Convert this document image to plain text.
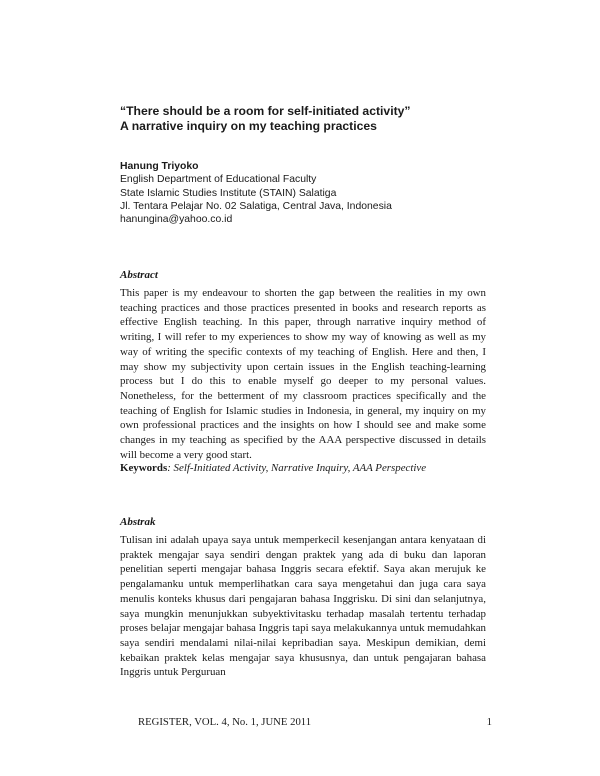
“There should be a room for self-initiated activity”
A narrative inquiry on my teaching practices
Hanung Triyoko
English Department of Educational Faculty
State Islamic Studies Institute (STAIN) Salatiga
Jl. Tentara Pelajar No. 02 Salatiga, Central Java, Indonesia
hanungina@yahoo.co.id
Abstract
This paper is my endeavour to shorten the gap between the realities in my own teaching practices and those practices presented in books and research reports as effective English teaching. In this paper, through narrative inquiry method of writing, I will refer to my experiences to show my way of knowing as well as my way of writing the specific contexts of my teaching of English. Here and then, I may show my subjectivity upon certain issues in the English teaching-learning process but I do this to enable myself go deeper to my personal values. Nonetheless, for the betterment of my classroom practices specifically and the teaching of English for Islamic studies in Indonesia, in general, my inquiry on my own professional practices and the insights on how I should see and make some changes in my teaching as specified by the AAA perspective discussed in details will become a very good start.
Keywords: Self-Initiated Activity, Narrative Inquiry, AAA Perspective
Abstrak
Tulisan ini adalah upaya saya untuk memperkecil kesenjangan antara kenyataan di praktek mengajar saya sendiri dengan praktek yang ada di buku dan laporan penelitian seperti mengajar bahasa Inggris secara efektif. Saya akan merujuk ke pengalamanku untuk memperlihatkan cara saya mengetahui dan juga cara saya menulis konteks khusus dari pengajaran bahasa Inggrisku. Di sini dan selanjutnya, saya mungkin menunjukkan subyektivitasku terhadap masalah tertentu terhadap proses belajar mengajar bahasa Inggris tapi saya melakukannya untuk memudahkan saya sendiri mendalami nilai-nilai kepribadian saya. Meskipun demikian, demi kebaikan praktek kelas mengajar saya khususnya, dan untuk pengajaran bahasa Inggris untuk Perguruan
REGISTER, VOL. 4, No. 1, JUNE 2011	1
